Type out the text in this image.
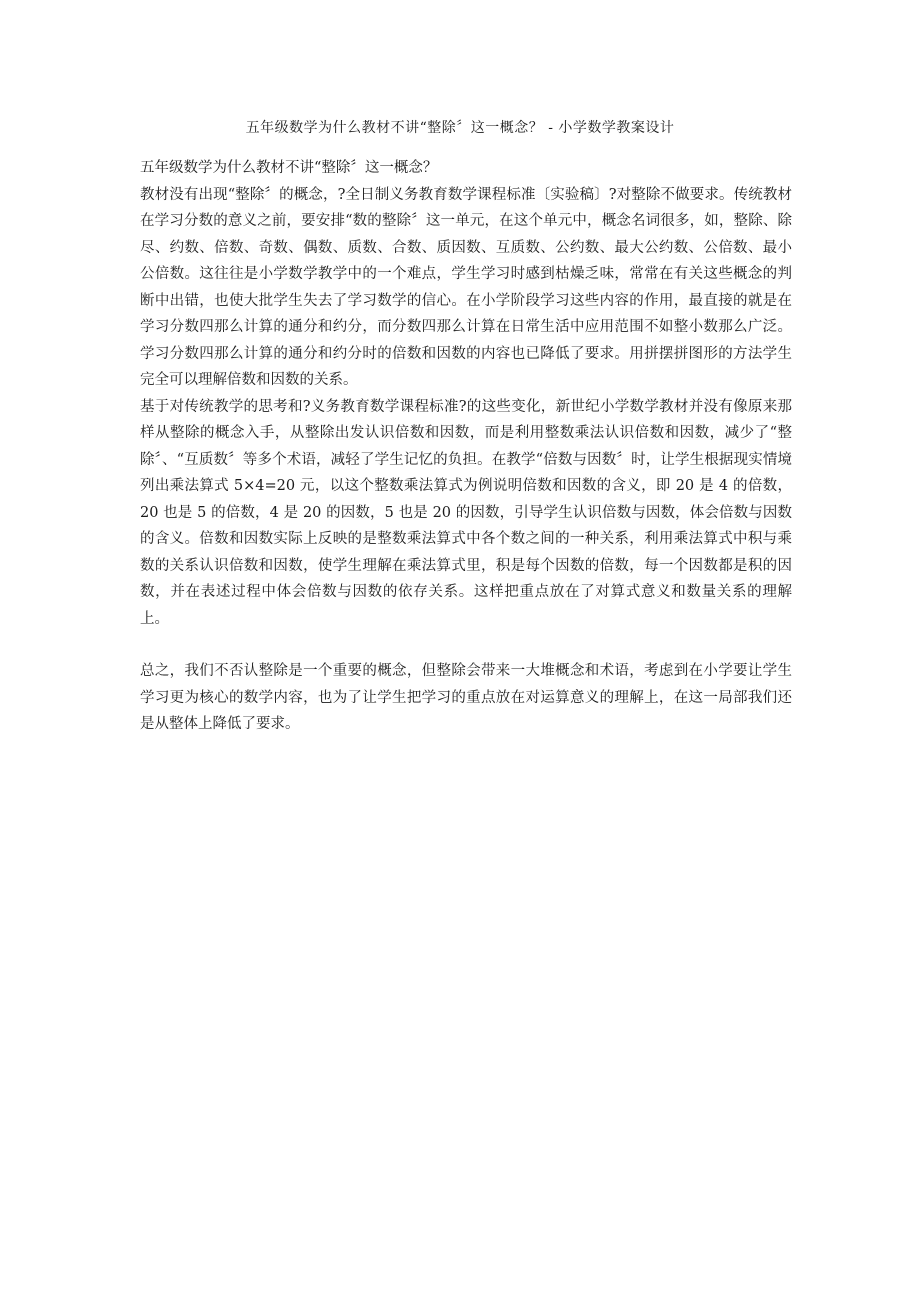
五年级数学为什么教材不讲“整除〞这一概念？ - 小学数学教案设计

五年级数学为什么教材不讲“整除〞这一概念？

教材没有出现“整除〞的概念，?全日制义务教育数学课程标准〔实验稿〕?对整除不做要求。传统教材在学习分数的意义之前，要安排“数的整除〞这一单元，在这个单元中，概念名词很多，如，整除、除尽、约数、倍数、奇数、偶数、质数、合数、质因数、互质数、公约数、最大公约数、公倍数、最小公倍数。这往往是小学数学教学中的一个难点，学生学习时感到枯燥乏味，常常在有关这些概念的判断中出错，也使大批学生失去了学习数学的信心。在小学阶段学习这些内容的作用，最直接的就是在学习分数四那么计算的通分和约分，而分数四那么计算在日常生活中应用范围不如整小数那么广泛。学习分数四那么计算的通分和约分时的倍数和因数的内容也已降低了要求。用拼摆拼图形的方法学生完全可以理解倍数和因数的关系。

基于对传统教学的思考和?义务教育数学课程标准?的这些变化，新世纪小学数学教材并没有像原来那样从整除的概念入手，从整除出发认识倍数和因数，而是利用整数乘法认识倍数和因数，减少了“整除〞、“互质数〞等多个术语，减轻了学生记忆的负担。在教学“倍数与因数〞时，让学生根据现实情境列出乘法算式 5×4=20 元，以这个整数乘法算式为例说明倍数和因数的含义，即 20 是 4 的倍数，20 也是 5 的倍数，4 是 20 的因数，5 也是 20 的因数，引导学生认识倍数与因数，体会倍数与因数的含义。倍数和因数实际上反映的是整数乘法算式中各个数之间的一种关系，利用乘法算式中积与乘数的关系认识倍数和因数，使学生理解在乘法算式里，积是每个因数的倍数，每一个因数都是积的因数，并在表述过程中体会倍数与因数的依存关系。这样把重点放在了对算式意义和数量关系的理解上。

总之，我们不否认整除是一个重要的概念，但整除会带来一大堆概念和术语，考虑到在小学要让学生学习更为核心的数学内容，也为了让学生把学习的重点放在对运算意义的理解上，在这一局部我们还是从整体上降低了要求。
